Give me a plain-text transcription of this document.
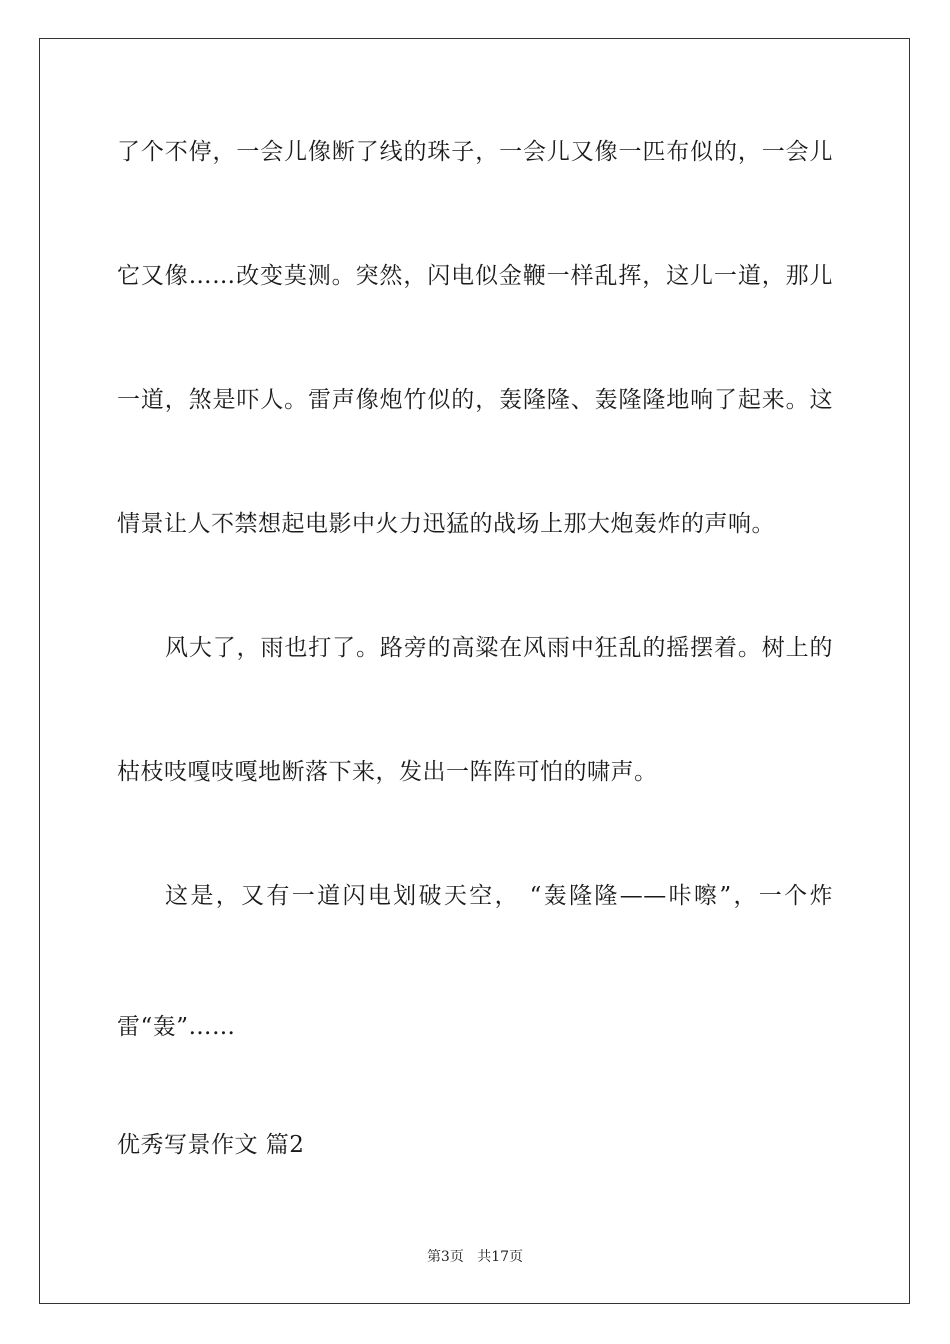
了个不停，一会儿像断了线的珠子，一会儿又像一匹布似的，一会儿
它又像……改变莫测。突然，闪电似金鞭一样乱挥，这儿一道，那儿
一道，煞是吓人。雷声像炮竹似的，轰隆隆、轰隆隆地响了起来。这
情景让人不禁想起电影中火力迅猛的战场上那大炮轰炸的声响。
风大了，雨也打了。路旁的高粱在风雨中狂乱的摇摆着。树上的
枯枝吱嘎吱嘎地断落下来，发出一阵阵可怕的啸声。
这是，又有一道闪电划破天空， “轰隆隆——咔嚓”，一个炸
雷“轰”……
优秀写景作文 篇2
第3页 共17页
